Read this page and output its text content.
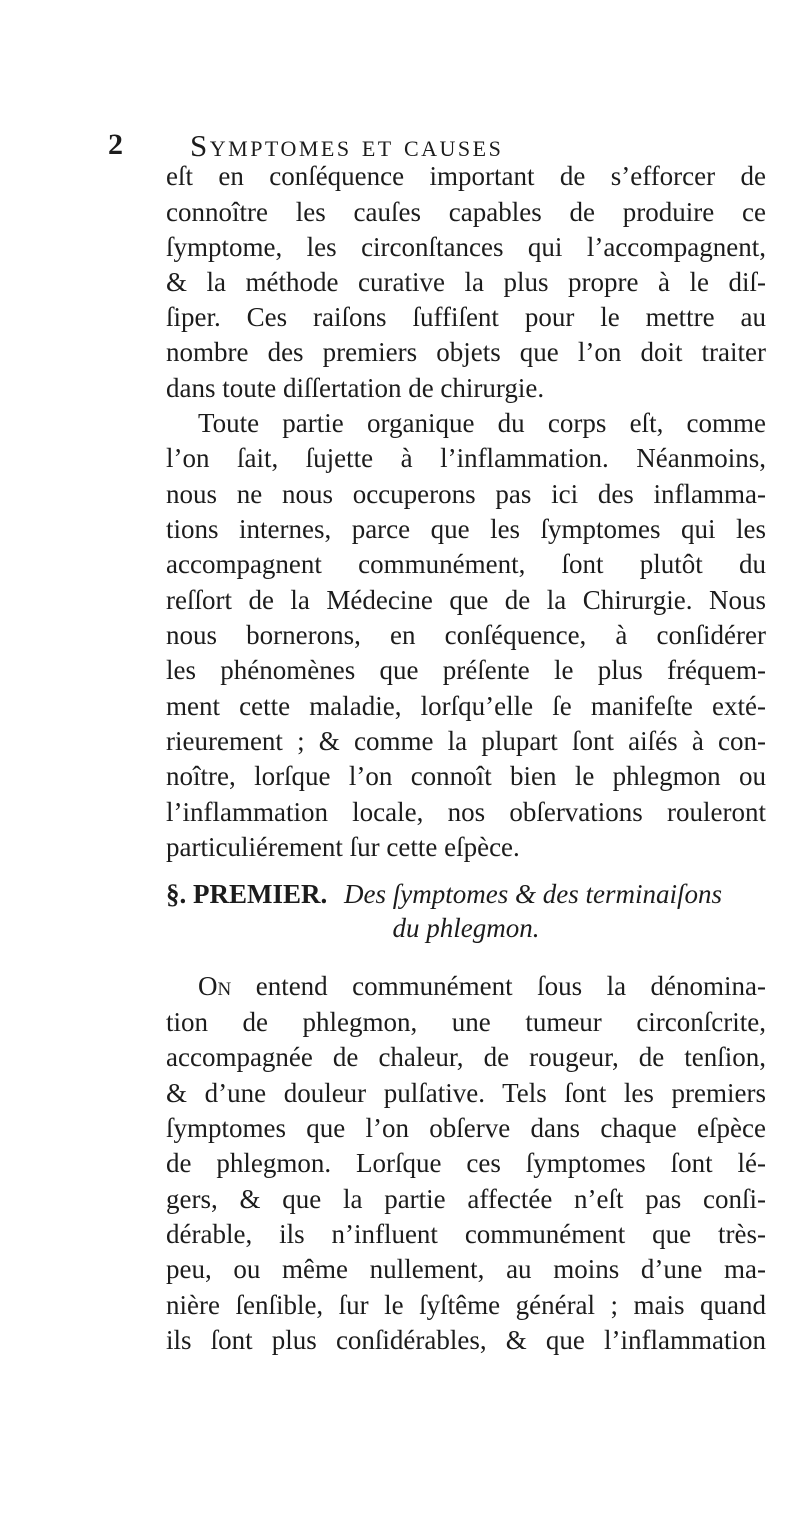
2 Symptomes et causes
eſt en conſéquence important de s’efforcer de
connoître les cauſes capables de produire ce
ſymptome, les circonſtances qui l’accompagnent,
& la méthode curative la plus propre à le diſ-
ſiper. Ces raiſons ſuffiſent pour le mettre au
nombre des premiers objets que l’on doit traiter
dans toute diſſertation de chirurgie.
Toute partie organique du corps eſt, comme
l’on ſait, ſujette à l’inflammation. Néanmoins,
nous ne nous occuperons pas ici des inflamma-
tions internes, parce que les ſymptomes qui les
accompagnent communément, ſont plutôt du
reſſort de la Médecine que de la Chirurgie. Nous
nous bornerons, en conſéquence, à conſidérer
les phénomènes que préſente le plus fréquem-
ment cette maladie, lorſqu’elle ſe manifeſte exté-
rieurement ; & comme la plupart ſont aiſés à con-
noître, lorſque l’on connoît bien le phlegmon ou
l’inflammation locale, nos obſervations rouleront
particuliérement ſur cette eſpèce.
§. PREMIER. Des ſymptomes & des terminaiſons
du phlegmon.
On entend communément ſous la dénomina-
tion de phlegmon, une tumeur circonſcrite,
accompagnée de chaleur, de rougeur, de tenſion,
& d’une douleur pulſative. Tels ſont les premiers
ſymptomes que l’on obſerve dans chaque eſpèce
de phlegmon. Lorſque ces ſymptomes ſont lé-
gers, & que la partie affectée n’eſt pas conſi-
dérable, ils n’influent communément que très-
peu, ou même nullement, au moins d’une ma-
nière ſenſible, ſur le ſyſtême général ; mais quand
ils ſont plus conſidérables, & que l’inflammation
